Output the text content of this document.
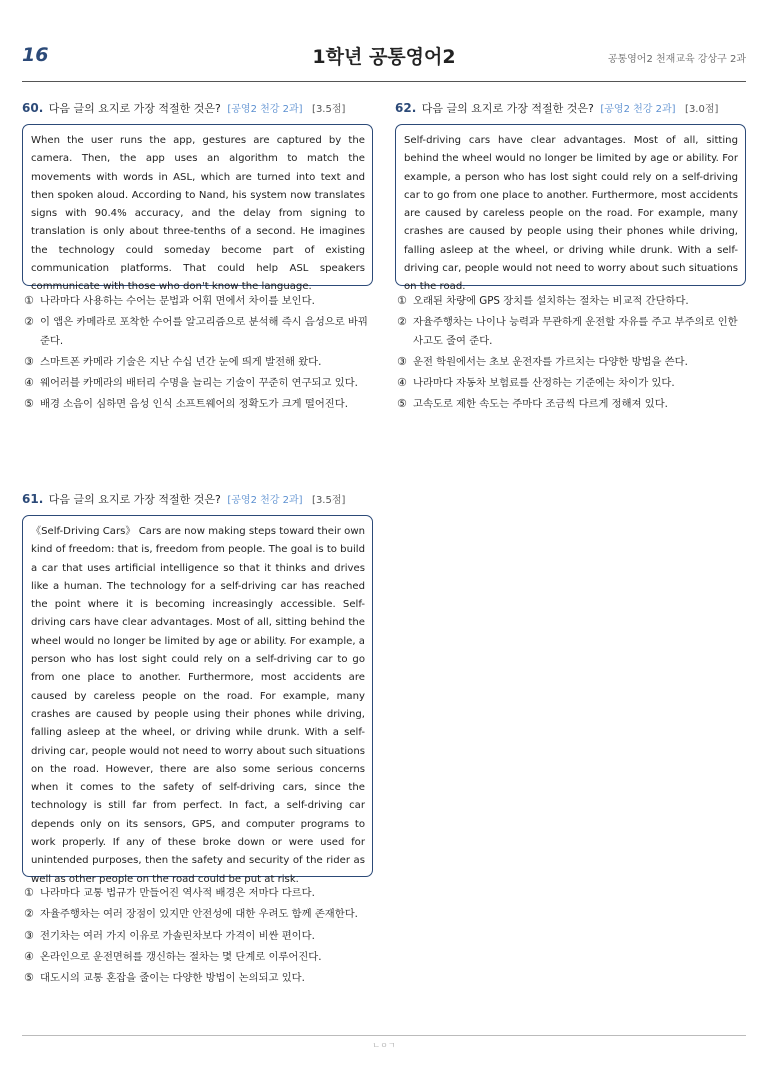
1학년 공통영어2
16	공통영어2 천재교육 강상구 2과
60. 다음 글의 요지로 가장 적절한 것은? [공영2 천강 2과] [3.5점]
When the user runs the app, gestures are captured by the camera. Then, the app uses an algorithm to match the movements with words in ASL, which are turned into text and then spoken aloud. According to Nand, his system now translates signs with 90.4% accuracy, and the delay from signing to translation is only about three-tenths of a second. He imagines the technology could someday become part of existing communication platforms. That could help ASL speakers communicate with those who don't know the language.
① 나라마다 사용하는 수어는 문법과 어휘 면에서 차이를 보인다.
② 이 앱은 카메라로 포착한 수어를 알고리즘으로 분석해 즉시 음성으로 바꿔 준다.
③ 스마트폰 카메라 기술은 지난 수십 년간 눈에 띄게 발전해 왔다.
④ 웨어러블 카메라의 배터리 수명을 늘리는 기술이 꾸준히 연구되고 있다.
⑤ 배경 소음이 심하면 음성 인식 소프트웨어의 정확도가 크게 떨어진다.
62. 다음 글의 요지로 가장 적절한 것은? [공영2 천강 2과] [3.0점]
Self-driving cars have clear advantages. Most of all, sitting behind the wheel would no longer be limited by age or ability. For example, a person who has lost sight could rely on a self-driving car to go from one place to another. Furthermore, most accidents are caused by careless people on the road. For example, many crashes are caused by people using their phones while driving, falling asleep at the wheel, or driving while drunk. With a self-driving car, people would not need to worry about such situations on the road.
① 오래된 차량에 GPS 장치를 설치하는 절차는 비교적 간단하다.
② 자율주행차는 나이나 능력과 무관하게 운전할 자유를 주고 부주의로 인한 사고도 줄여 준다.
③ 운전 학원에서는 초보 운전자를 가르치는 다양한 방법을 쓴다.
④ 나라마다 자동차 보험료를 산정하는 기준에는 차이가 있다.
⑤ 고속도로 제한 속도는 주마다 조금씩 다르게 정해져 있다.
61. 다음 글의 요지로 가장 적절한 것은? [공영2 천강 2과] [3.5점]
《Self-Driving Cars》 Cars are now making steps toward their own kind of freedom: that is, freedom from people. The goal is to build a car that uses artificial intelligence so that it thinks and drives like a human. The technology for a self-driving car has reached the point where it is becoming increasingly accessible. Self-driving cars have clear advantages. Most of all, sitting behind the wheel would no longer be limited by age or ability. For example, a person who has lost sight could rely on a self-driving car to go from one place to another. Furthermore, most accidents are caused by careless people on the road. For example, many crashes are caused by people using their phones while driving, falling asleep at the wheel, or driving while drunk. With a self-driving car, people would not need to worry about such situations on the road. However, there are also some serious concerns when it comes to the safety of self-driving cars, since the technology is still far from perfect. In fact, a self-driving car depends only on its sensors, GPS, and computer programs to work properly. If any of these broke down or were used for unintended purposes, then the safety and security of the rider as well as other people on the road could be put at risk.
① 나라마다 교통 법규가 만들어진 역사적 배경은 저마다 다르다.
② 자율주행차는 여러 장점이 있지만 안전성에 대한 우려도 함께 존재한다.
③ 전기차는 여러 가지 이유로 가솔린차보다 가격이 비싼 편이다.
④ 온라인으로 운전면허를 갱신하는 절차는 몇 단계로 이루어진다.
⑤ 대도시의 교통 혼잡을 줄이는 다양한 방법이 논의되고 있다.
ㄴㅇㄱ
